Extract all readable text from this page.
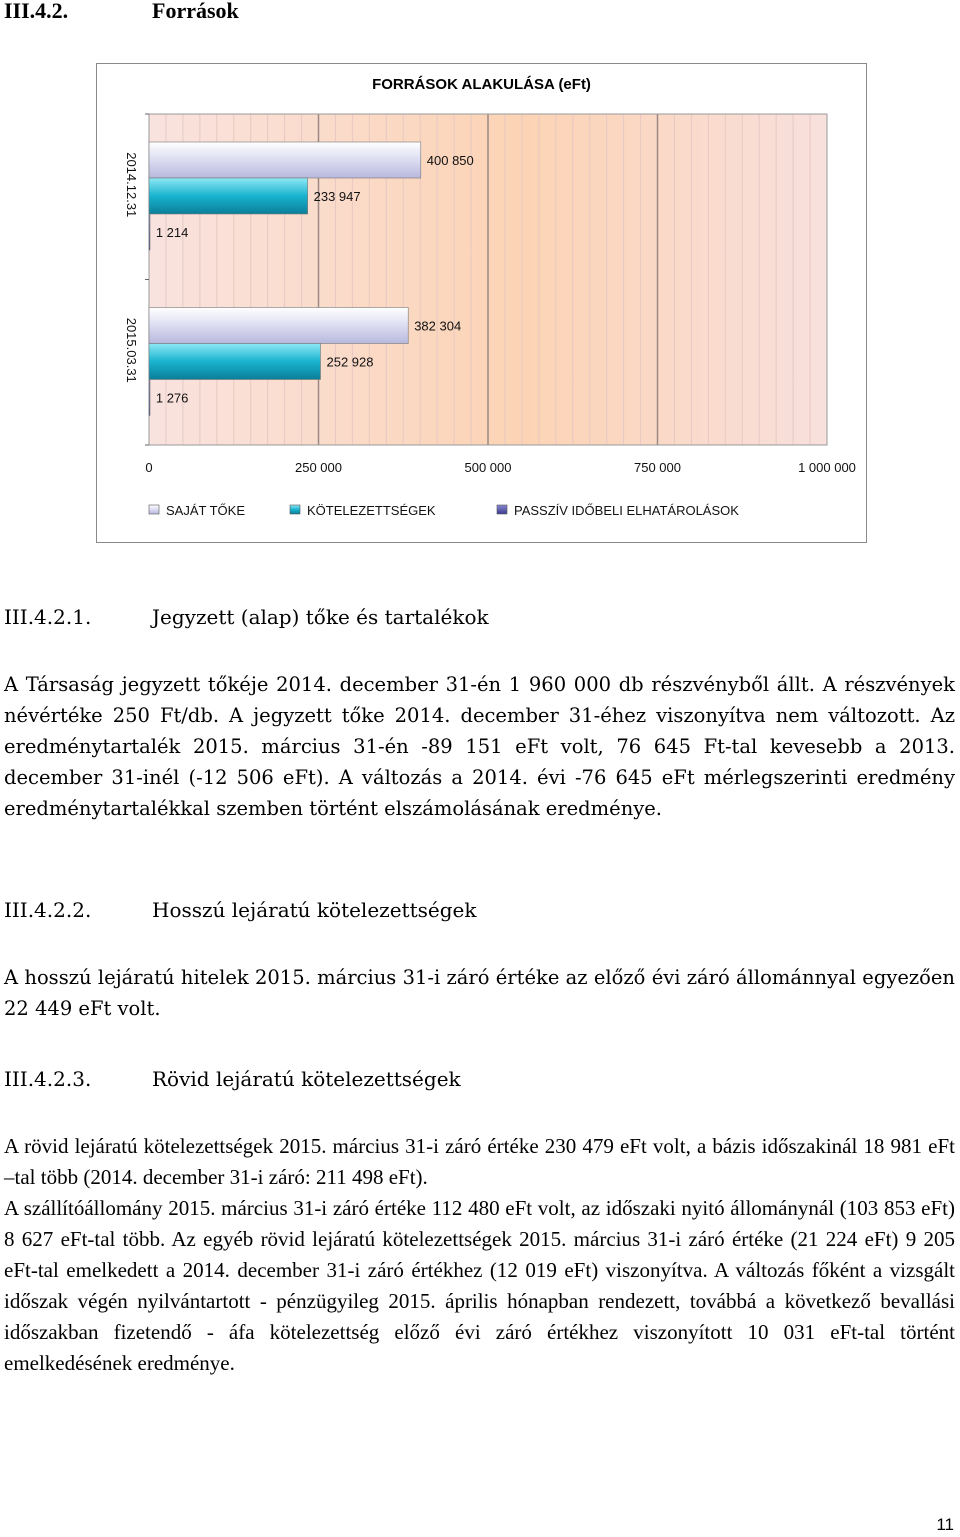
III.4.2.	Források
FORRÁSOK ALAKULÁSA (eFt)
400 850
233 947
1 214
382 304
252 928
1 276
0	250 000	500 000	750 000	1 000 000
2014.12.31
2015.03.31
SAJÁT TŐKE	KÖTELEZETTSÉGEK	PASSZÍV IDŐBELI ELHATÁROLÁSOK
III.4.2.1.	Jegyzett (alap) tőke és tartalékok
A Társaság jegyzett tőkéje 2014. december 31-én 1 960 000 db részvényből állt. A részvények névértéke 250 Ft/db. A jegyzett tőke 2014. december 31-éhez viszonyítva nem változott. Az eredménytartalék 2015. március 31-én -89 151 eFt volt, 76 645 Ft-tal kevesebb a 2013. december 31-inél (-12 506 eFt). A változás a 2014. évi -76 645 eFt mérlegszerinti eredmény eredménytartalékkal szemben történt elszámolásának eredménye.
III.4.2.2.	Hosszú lejáratú kötelezettségek
A hosszú lejáratú hitelek 2015. március 31-i záró értéke az előző évi záró állománnyal egyezően 22 449 eFt volt.
III.4.2.3.	Rövid lejáratú kötelezettségek
A rövid lejáratú kötelezettségek 2015. március 31-i záró értéke 230 479 eFt volt, a bázis időszakinál 18 981 eFt –tal több (2014. december 31-i záró: 211 498 eFt).
A szállítóállomány 2015. március 31-i záró értéke 112 480 eFt volt, az időszaki nyitó állománynál (103 853 eFt) 8 627 eFt-tal több. Az egyéb rövid lejáratú kötelezettségek 2015. március 31-i záró értéke (21 224 eFt) 9 205 eFt-tal emelkedett a 2014. december 31-i záró értékhez (12 019 eFt) viszonyítva. A változás főként a vizsgált időszak végén nyilvántartott - pénzügyileg 2015. április hónapban rendezett, továbbá a következő bevallási időszakban fizetendő - áfa kötelezettség előző évi záró értékhez viszonyított 10 031 eFt-tal történt emelkedésének eredménye.
11
